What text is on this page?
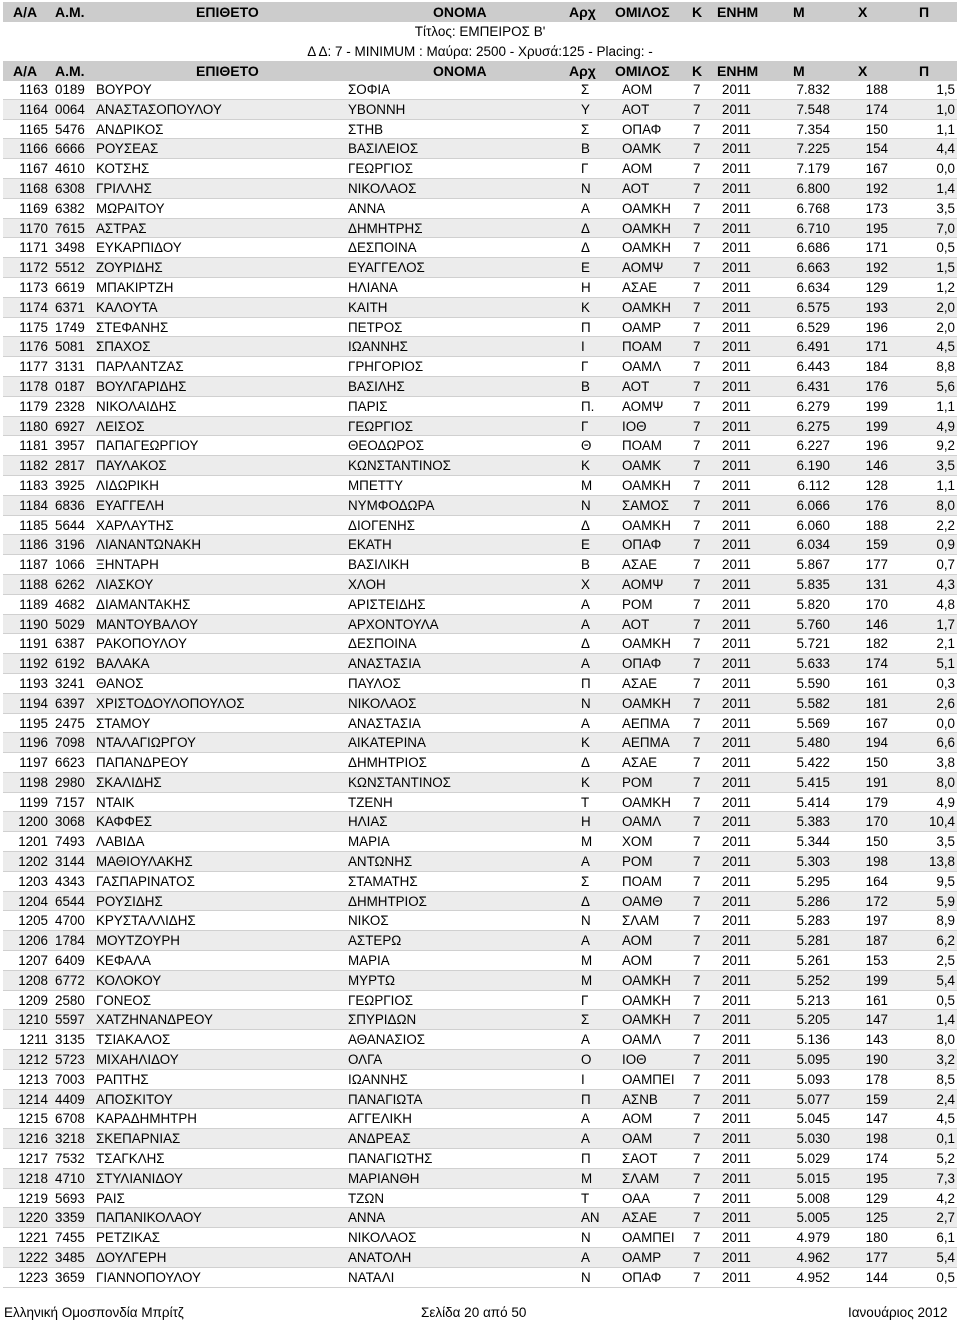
Α/Α Α.Μ.	ΕΠΙΘΕΤΟ	ΟΝΟΜΑ	Αρχ ΟΜΙΛΟΣ Κ ΕΝΗΜ Μ	Χ	Π
Τίτλος: ΕΜΠΕΙΡΟΣ Β'
Δ Δ: 7 - MINIMUM : Μαύρα: 2500 - Χρυσά:125 - Placing: -
Α/Α Α.Μ.	ΕΠΙΘΕΤΟ	ΟΝΟΜΑ	Αρχ ΟΜΙΛΟΣ Κ ΕΝΗΜ Μ	Χ	Π
1163 0189 ΒΟΥΡΟΥ	ΣΟΦΙΑ	Σ	ΑΟΜ	7	2011	7.832	188	1,5
1164 0064 ΑΝΑΣΤΑΣΟΠΟΥΛΟΥ	ΥΒΟΝΝΗ	Υ	ΑΟΤ	7	2011	7.548	174	1,0
1165 5476 ΑΝΔΡΙΚΟΣ	ΣΤΗΒ	Σ	ΟΠΑΦ	7	2011	7.354	150	1,1
1166 6666 ΡΟΥΣΕΑΣ	ΒΑΣΙΛΕΙΟΣ	Β	ΟΑΜΚ	7	2011	7.225	154	4,4
1167 4610 ΚΟΤΣΗΣ	ΓΕΩΡΓΙΟΣ	Γ	ΑΟΜ	7	2011	7.179	167	0,0
1168 6308 ΓΡΙΛΛΗΣ	ΝΙΚΟΛΑΟΣ	Ν	ΑΟΤ	7	2011	6.800	192	1,4
1169 6382 ΜΩΡΑΙΤΟΥ	ΑΝΝΑ	Α	ΟΑΜΚΗ	7	2011	6.768	173	3,5
1170 7615 ΑΣΤΡΑΣ	ΔΗΜΗΤΡΗΣ	Δ	ΟΑΜΚΗ	7	2011	6.710	195	7,0
1171 3498 ΕΥΚΑΡΠΙΔΟΥ	ΔΕΣΠΟΙΝΑ	Δ	ΟΑΜΚΗ	7	2011	6.686	171	0,5
1172 5512 ΖΟΥΡΙΔΗΣ	ΕΥΑΓΓΕΛΟΣ	Ε	ΑΟΜΨ	7	2011	6.663	192	1,5
1173 6619 ΜΠΑΚΙΡΤΖΗ	ΗΛΙΑΝΑ	Η	ΑΣΑΕ	7	2011	6.634	129	1,2
1174 6371 ΚΑΛΟΥΤΑ	ΚΑΙΤΗ	Κ	ΟΑΜΚΗ	7	2011	6.575	193	2,0
1175 1749 ΣΤΕΦΑΝΗΣ	ΠΕΤΡΟΣ	Π	ΟΑΜΡ	7	2011	6.529	196	2,0
1176 5081 ΣΠΑΧΟΣ	ΙΩΑΝΝΗΣ	Ι	ΠΟΑΜ	7	2011	6.491	171	4,5
1177 3131 ΠΑΡΛΑΝΤΖΑΣ	ΓΡΗΓΟΡΙΟΣ	Γ	ΟΑΜΛ	7	2011	6.443	184	8,8
1178 0187 ΒΟΥΛΓΑΡΙΔΗΣ	ΒΑΣΙΛΗΣ	Β	ΑΟΤ	7	2011	6.431	176	5,6
1179 2328 ΝΙΚΟΛΑΙΔΗΣ	ΠΑΡΙΣ	Π.	ΑΟΜΨ	7	2011	6.279	199	1,1
1180 6927 ΛΕΙΣΟΣ	ΓΕΩΡΓΙΟΣ	Γ	ΙΟΘ	7	2011	6.275	199	4,9
1181 3957 ΠΑΠΑΓΕΩΡΓΙΟΥ	ΘΕΟΔΩΡΟΣ	Θ	ΠΟΑΜ	7	2011	6.227	196	9,2
1182 2817 ΠΑΥΛΑΚΟΣ	ΚΩΝΣΤΑΝΤΙΝΟΣ	Κ	ΟΑΜΚ	7	2011	6.190	146	3,5
1183 3925 ΛΙΔΩΡΙΚΗ	ΜΠΕΤΤΥ	Μ	ΟΑΜΚΗ	7	2011	6.112	128	1,1
1184 6836 ΕΥΑΓΓΕΛΗ	ΝΥΜΦΟΔΩΡΑ	Ν	ΣΑΜΟΣ	7	2011	6.066	176	8,0
1185 5644 ΧΑΡΛΑΥΤΗΣ	ΔΙΟΓΕΝΗΣ	Δ	ΟΑΜΚΗ	7	2011	6.060	188	2,2
1186 3196 ΛΙΑΝΑΝΤΩΝΑΚΗ	ΕΚΑΤΗ	Ε	ΟΠΑΦ	7	2011	6.034	159	0,9
1187 1066 ΞΗΝΤΑΡΗ	ΒΑΣΙΛΙΚΗ	Β	ΑΣΑΕ	7	2011	5.867	177	0,7
1188 6262 ΛΙΑΣΚΟΥ	ΧΛΟΗ	Χ	ΑΟΜΨ	7	2011	5.835	131	4,3
1189 4682 ΔΙΑΜΑΝΤΑΚΗΣ	ΑΡΙΣΤΕΙΔΗΣ	Α	ΡΟΜ	7	2011	5.820	170	4,8
1190 5029 ΜΑΝΤΟΥΒΑΛΟΥ	ΑΡΧΟΝΤΟΥΛΑ	Α	ΑΟΤ	7	2011	5.760	146	1,7
1191 6387 ΡΑΚΟΠΟΥΛΟΥ	ΔΕΣΠΟΙΝΑ	Δ	ΟΑΜΚΗ	7	2011	5.721	182	2,1
1192 6192 ΒΑΛΑΚΑ	ΑΝΑΣΤΑΣΙΑ	Α	ΟΠΑΦ	7	2011	5.633	174	5,1
1193 3241 ΘΑΝΟΣ	ΠΑΥΛΟΣ	Π	ΑΣΑΕ	7	2011	5.590	161	0,3
1194 6397 ΧΡΙΣΤΟΔΟΥΛΟΠΟΥΛΟΣ	ΝΙΚΟΛΑΟΣ	Ν	ΟΑΜΚΗ	7	2011	5.582	181	2,6
1195 2475 ΣΤΑΜΟΥ	ΑΝΑΣΤΑΣΙΑ	Α	ΑΕΠΜΑ	7	2011	5.569	167	0,0
1196 7098 ΝΤΑΛΑΓΙΩΡΓΟΥ	ΑΙΚΑΤΕΡΙΝΑ	Κ	ΑΕΠΜΑ	7	2011	5.480	194	6,6
1197 6623 ΠΑΠΑΝΔΡΕΟΥ	ΔΗΜΗΤΡΙΟΣ	Δ	ΑΣΑΕ	7	2011	5.422	150	3,8
1198 2980 ΣΚΑΛΙΔΗΣ	ΚΩΝΣΤΑΝΤΙΝΟΣ	Κ	ΡΟΜ	7	2011	5.415	191	8,0
1199 7157 ΝΤΑΙΚ	ΤΖΕΝΗ	Τ	ΟΑΜΚΗ	7	2011	5.414	179	4,9
1200 3068 ΚΑΦΦΕΣ	ΗΛΙΑΣ	Η	ΟΑΜΛ	7	2011	5.383	170	10,4
1201 7493 ΛΑΒΙΔΑ	ΜΑΡΙΑ	Μ	ΧΟΜ	7	2011	5.344	150	3,5
1202 3144 ΜΑΘΙΟΥΛΑΚΗΣ	ΑΝΤΩΝΗΣ	Α	ΡΟΜ	7	2011	5.303	198	13,8
1203 4343 ΓΑΣΠΑΡΙΝΑΤΟΣ	ΣΤΑΜΑΤΗΣ	Σ	ΠΟΑΜ	7	2011	5.295	164	9,5
1204 6544 ΡΟΥΣΙΔΗΣ	ΔΗΜΗΤΡΙΟΣ	Δ	ΟΑΜΘ	7	2011	5.286	172	5,9
1205 4700 ΚΡΥΣΤΑΛΛΙΔΗΣ	ΝΙΚΟΣ	Ν	ΣΛΑΜ	7	2011	5.283	197	8,9
1206 1784 ΜΟΥΤΖΟΥΡΗ	ΑΣΤΕΡΩ	Α	ΑΟΜ	7	2011	5.281	187	6,2
1207 6409 ΚΕΦΑΛΑ	ΜΑΡΙΑ	Μ	ΑΟΜ	7	2011	5.261	153	2,5
1208 6772 ΚΟΛΟΚΟΥ	ΜΥΡΤΩ	Μ	ΟΑΜΚΗ	7	2011	5.252	199	5,4
1209 2580 ΓΟΝΕΟΣ	ΓΕΩΡΓΙΟΣ	Γ	ΟΑΜΚΗ	7	2011	5.213	161	0,5
1210 5597 ΧΑΤΖΗΝΑΝΔΡΕΟΥ	ΣΠΥΡΙΔΩΝ	Σ	ΟΑΜΚΗ	7	2011	5.205	147	1,4
1211 3135 ΤΣΙΑΚΑΛΟΣ	ΑΘΑΝΑΣΙΟΣ	Α	ΟΑΜΛ	7	2011	5.136	143	8,0
1212 5723 ΜΙΧΑΗΛΙΔΟΥ	ΟΛΓΑ	Ο	ΙΟΘ	7	2011	5.095	190	3,2
1213 7003 ΡΑΠΤΗΣ	ΙΩΑΝΝΗΣ	Ι	ΟΑΜΠΕΙ	7	2011	5.093	178	8,5
1214 4409 ΑΠΟΣΚΙΤΟΥ	ΠΑΝΑΓΙΩΤΑ	Π	ΑΣΝΒ	7	2011	5.077	159	2,4
1215 6708 ΚΑΡΑΔΗΜΗΤΡΗ	ΑΓΓΕΛΙΚΗ	Α	ΑΟΜ	7	2011	5.045	147	4,5
1216 3218 ΣΚΕΠΑΡΝΙΑΣ	ΑΝΔΡΕΑΣ	Α	ΟΑΜ	7	2011	5.030	198	0,1
1217 7532 ΤΣΑΓΚΛΗΣ	ΠΑΝΑΓΙΩΤΗΣ	Π	ΣΑΟΤ	7	2011	5.029	174	5,2
1218 4710 ΣΤΥΛΙΑΝΙΔΟΥ	ΜΑΡΙΑΝΘΗ	Μ	ΣΛΑΜ	7	2011	5.015	195	7,3
1219 5693 ΡΑΙΣ	ΤΖΩΝ	Τ	ΟΑΑ	7	2011	5.008	129	4,2
1220 3359 ΠΑΠΑΝΙΚΟΛΑΟΥ	ΑΝΝΑ	ΑΝ	ΑΣΑΕ	7	2011	5.005	125	2,7
1221 7455 ΡΕΤΖΙΚΑΣ	ΝΙΚΟΛΑΟΣ	Ν	ΟΑΜΠΕΙ	7	2011	4.979	180	6,1
1222 3485 ΔΟΥΛΓΕΡΗ	ΑΝΑΤΟΛΗ	Α	ΟΑΜΡ	7	2011	4.962	177	5,4
1223 3659 ΓΙΑΝΝΟΠΟΥΛΟΥ	ΝΑΤΑΛΙ	Ν	ΟΠΑΦ	7	2011	4.952	144	0,5
Ελληνική Ομοσπονδία Μπρίτζ	Σελίδα 20 από 50	Ιανουάριος 2012
